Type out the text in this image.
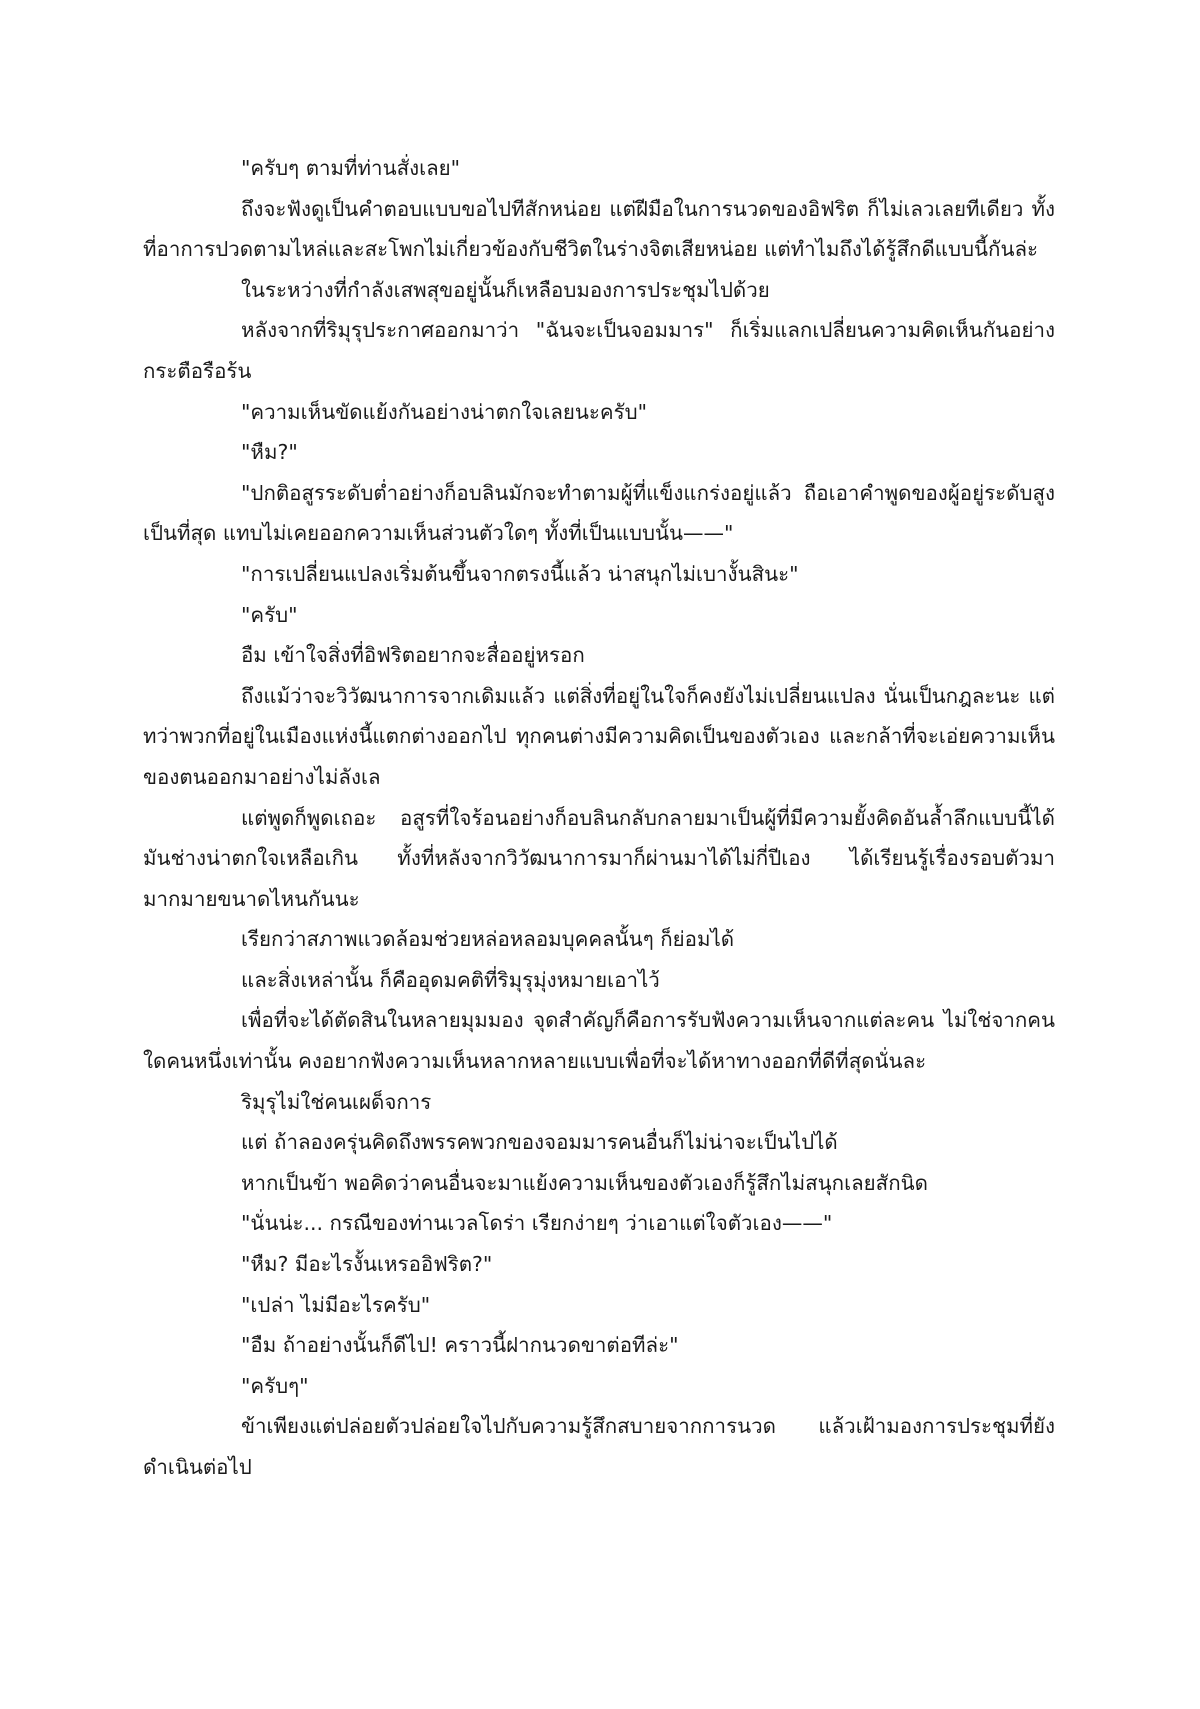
"ครับๆ ตามที่ท่านสั่งเลย"

ถึงจะฟังดูเป็นคำตอบแบบขอไปทีสักหน่อย แต่ฝีมือในการนวดของอิฟริต ก็ไม่เลวเลยทีเดียว ทั้งที่อาการปวดตามไหล่และสะโพกไม่เกี่ยวข้องกับชีวิตในร่างจิตเสียหน่อย แต่ทำไมถึงได้รู้สึกดีแบบนี้กันล่ะ

ในระหว่างที่กำลังเสพสุขอยู่นั้นก็เหลือบมองการประชุมไปด้วย

หลังจากที่ริมุรุประกาศออกมาว่า "ฉันจะเป็นจอมมาร" ก็เริ่มแลกเปลี่ยนความคิดเห็นกันอย่างกระตือรือร้น

"ความเห็นขัดแย้งกันอย่างน่าตกใจเลยนะครับ"

"หืม?"

"ปกติอสูรระดับต่ำอย่างก็อบลินมักจะทำตามผู้ที่แข็งแกร่งอยู่แล้ว ถือเอาคำพูดของผู้อยู่ระดับสูงเป็นที่สุด แทบไม่เคยออกความเห็นส่วนตัวใดๆ ทั้งที่เป็นแบบนั้น——"

"การเปลี่ยนแปลงเริ่มต้นขึ้นจากตรงนี้แล้ว น่าสนุกไม่เบางั้นสินะ"

"ครับ"

อืม เข้าใจสิ่งที่อิฟริตอยากจะสื่ออยู่หรอก

ถึงแม้ว่าจะวิวัฒนาการจากเดิมแล้ว แต่สิ่งที่อยู่ในใจก็คงยังไม่เปลี่ยนแปลง นั่นเป็นกฎละนะ แต่ทว่าพวกที่อยู่ในเมืองแห่งนี้แตกต่างออกไป ทุกคนต่างมีความคิดเป็นของตัวเอง และกล้าที่จะเอ่ยความเห็นของตนออกมาอย่างไม่ลังเล

แต่พูดก็พูดเถอะ อสูรที่ใจร้อนอย่างก็อบลินกลับกลายมาเป็นผู้ที่มีความยั้งคิดอันล้ำลึกแบบนี้ได้มันช่างน่าตกใจเหลือเกิน ทั้งที่หลังจากวิวัฒนาการมาก็ผ่านมาได้ไม่กี่ปีเอง ได้เรียนรู้เรื่องรอบตัวมามากมายขนาดไหนกันนะ

เรียกว่าสภาพแวดล้อมช่วยหล่อหลอมบุคคลนั้นๆ ก็ย่อมได้

และสิ่งเหล่านั้น ก็คืออุดมคติที่ริมุรุมุ่งหมายเอาไว้

เพื่อที่จะได้ตัดสินในหลายมุมมอง จุดสำคัญก็คือการรับฟังความเห็นจากแต่ละคน ไม่ใช่จากคนใดคนหนึ่งเท่านั้น คงอยากฟังความเห็นหลากหลายแบบเพื่อที่จะได้หาทางออกที่ดีที่สุดนั่นละ

ริมุรุไม่ใช่คนเผด็จการ

แต่ ถ้าลองครุ่นคิดถึงพรรคพวกของจอมมารคนอื่นก็ไม่น่าจะเป็นไปได้

หากเป็นข้า พอคิดว่าคนอื่นจะมาแย้งความเห็นของตัวเองก็รู้สึกไม่สนุกเลยสักนิด

"นั่นน่ะ... กรณีของท่านเวลโดร่า เรียกง่ายๆ ว่าเอาแต่ใจตัวเอง——"

"หืม? มีอะไรงั้นเหรออิฟริต?"

"เปล่า ไม่มีอะไรครับ"

"อืม ถ้าอย่างนั้นก็ดีไป! คราวนี้ฝากนวดขาต่อทีล่ะ"

"ครับๆ"

ข้าเพียงแต่ปล่อยตัวปล่อยใจไปกับความรู้สึกสบายจากการนวด แล้วเฝ้ามองการประชุมที่ยังดำเนินต่อไป
